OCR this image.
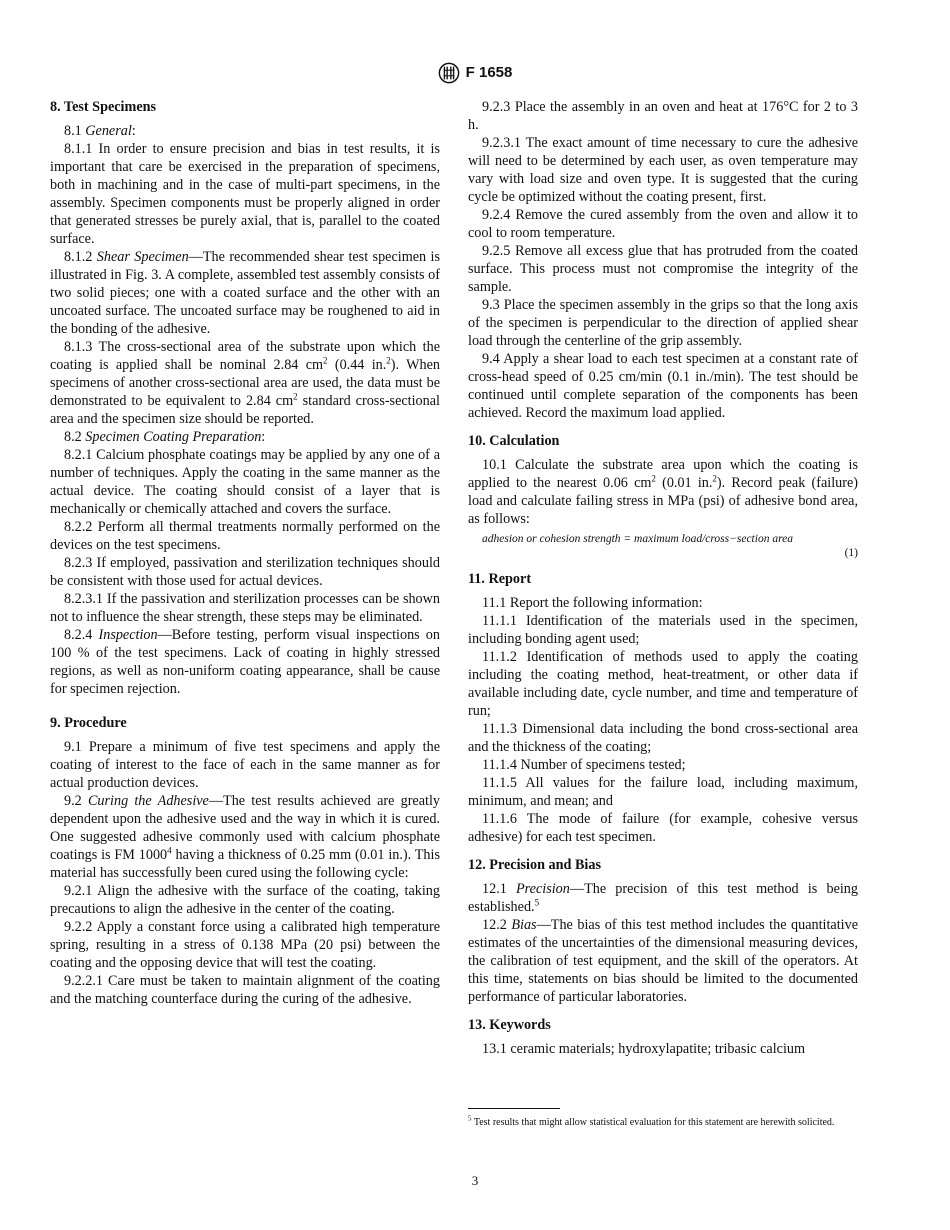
F 1658
8. Test Specimens

8.1 General:

8.1.1 In order to ensure precision and bias in test results, it is important that care be exercised in the preparation of specimens, both in machining and in the case of multi-part specimens, in the assembly. Specimen components must be properly aligned in order that generated stresses be purely axial, that is, parallel to the coated surface.

8.1.2 Shear Specimen—The recommended shear test specimen is illustrated in Fig. 3. A complete, assembled test assembly consists of two solid pieces; one with a coated surface and the other with an uncoated surface. The uncoated surface may be roughened to aid in the bonding of the adhesive.

8.1.3 The cross-sectional area of the substrate upon which the coating is applied shall be nominal 2.84 $cm^2$ (0.44 in.$^2$). When specimens of another cross-sectional area are used, the data must be demonstrated to be equivalent to 2.84 $cm^2$ standard cross-sectional area and the specimen size should be reported.

8.2 Specimen Coating Preparation:

8.2.1 Calcium phosphate coatings may be applied by any one of a number of techniques. Apply the coating in the same manner as the actual device. The coating should consist of a layer that is mechanically or chemically attached and covers the surface.

8.2.2 Perform all thermal treatments normally performed on the devices on the test specimens.

8.2.3 If employed, passivation and sterilization techniques should be consistent with those used for actual devices.

8.2.3.1 If the passivation and sterilization processes can be shown not to influence the shear strength, these steps may be eliminated.

8.2.4 Inspection—Before testing, perform visual inspections on 100 % of the test specimens. Lack of coating in highly stressed regions, as well as non-uniform coating appearance, shall be cause for specimen rejection.

9. Procedure

9.1 Prepare a minimum of five test specimens and apply the coating of interest to the face of each in the same manner as for actual production devices.

9.2 Curing the Adhesive—The test results achieved are greatly dependent upon the adhesive used and the way in which it is cured. One suggested adhesive commonly used with calcium phosphate coatings is FM 1000$^4$ having a thickness of 0.25 mm (0.01 in.). This material has successfully been cured using the following cycle:

9.2.1 Align the adhesive with the surface of the coating, taking precautions to align the adhesive in the center of the coating.

9.2.2 Apply a constant force using a calibrated high temperature spring, resulting in a stress of 0.138 MPa (20 psi) between the coating and the opposing device that will test the coating.

9.2.2.1 Care must be taken to maintain alignment of the coating and the matching counterface during the curing of the adhesive.

9.2.3 Place the assembly in an oven and heat at 176°C for 2 to 3 h.

9.2.3.1 The exact amount of time necessary to cure the adhesive will need to be determined by each user, as oven temperature may vary with load size and oven type. It is suggested that the curing cycle be optimized without the coating present, first.

9.2.4 Remove the cured assembly from the oven and allow it to cool to room temperature.

9.2.5 Remove all excess glue that has protruded from the coated surface. This process must not compromise the integrity of the sample.

9.3 Place the specimen assembly in the grips so that the long axis of the specimen is perpendicular to the direction of applied shear load through the centerline of the grip assembly.

9.4 Apply a shear load to each test specimen at a constant rate of cross-head speed of 0.25 cm/min (0.1 in./min). The test should be continued until complete separation of the components has been achieved. Record the maximum load applied.

10. Calculation

10.1 Calculate the substrate area upon which the coating is applied to the nearest 0.06 $cm^2$ (0.01 in.$^2$). Record peak (failure) load and calculate failing stress in MPa (psi) of adhesive bond area, as follows:

adhesion or cohesion strength = maximum load/cross−section area
(1)
11. Report

11.1 Report the following information:

11.1.1 Identification of the materials used in the specimen, including bonding agent used;

11.1.2 Identification of methods used to apply the coating including the coating method, heat-treatment, or other data if available including date, cycle number, and time and temperature of run;

11.1.3 Dimensional data including the bond cross-sectional area and the thickness of the coating;

11.1.4 Number of specimens tested;

11.1.5 All values for the failure load, including maximum, minimum, and mean; and

11.1.6 The mode of failure (for example, cohesive versus adhesive) for each test specimen.

12. Precision and Bias

12.1 Precision—The precision of this test method is being established.$^5$

12.2 Bias—The bias of this test method includes the quantitative estimates of the uncertainties of the dimensional measuring devices, the calibration of test equipment, and the skill of the operators. At this time, statements on bias should be limited to the documented performance of particular laboratories.

13. Keywords

13.1 ceramic materials; hydroxylapatite; tribasic calcium

$^5$ Test results that might allow statistical evaluation for this statement are herewith solicited.
3
